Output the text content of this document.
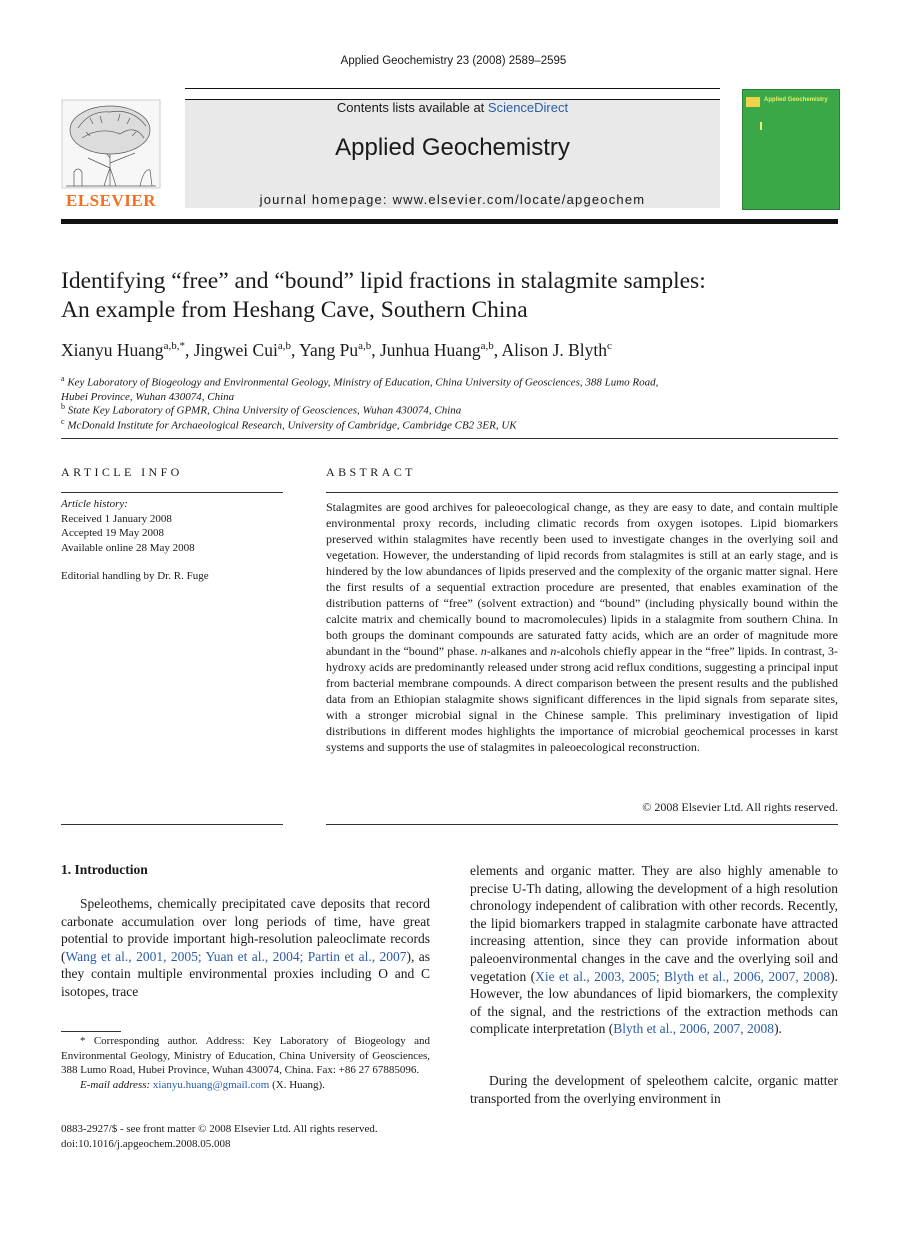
Applied Geochemistry 23 (2008) 2589–2595
ELSEVIER
Contents lists available at ScienceDirect
Applied Geochemistry
journal homepage: www.elsevier.com/locate/apgeochem
Applied Geochemistry
Identifying “free” and “bound” lipid fractions in stalagmite samples:
An example from Heshang Cave, Southern China
Xianyu Huang$^{a,b,*}$, Jingwei Cui$^{a,b}$, Yang Pu$^{a,b}$, Junhua Huang$^{a,b}$, Alison J. Blyth$^c$
$^a$ Key Laboratory of Biogeology and Environmental Geology, Ministry of Education, China University of Geosciences, 388 Lumo Road,
Hubei Province, Wuhan 430074, China
$^b$ State Key Laboratory of GPMR, China University of Geosciences, Wuhan 430074, China
$^c$ McDonald Institute for Archaeological Research, University of Cambridge, Cambridge CB2 3ER, UK
ARTICLE INFO	ABSTRACT
Article history:
Received 1 January 2008
Accepted 19 May 2008
Available online 28 May 2008
Editorial handling by Dr. R. Fuge
Stalagmites are good archives for paleoecological change, as they are easy to date, and contain multiple environmental proxy records, including climatic records from oxygen isotopes. Lipid biomarkers preserved within stalagmites have recently been used to investigate changes in the overlying soil and vegetation. However, the understanding of lipid records from stalagmites is still at an early stage, and is hindered by the low abundances of lipids preserved and the complexity of the organic matter signal. Here the first results of a sequential extraction procedure are presented, that enables examination of the distribution patterns of “free” (solvent extraction) and “bound” (including physically bound within the calcite matrix and chemically bound to macromolecules) lipids in a stalagmite from southern China. In both groups the dominant compounds are saturated fatty acids, which are an order of magnitude more abundant in the “bound” phase. n-alkanes and n-alcohols chiefly appear in the “free” lipids. In contrast, 3-hydroxy acids are predominantly released under strong acid reflux conditions, suggesting a principal input from bacterial membrane compounds. A direct comparison between the present results and the published data from an Ethiopian stalagmite shows significant differences in the lipid signals from separate sites, with a stronger microbial signal in the Chinese sample. This preliminary investigation of lipid distributions in different modes highlights the importance of microbial geochemical processes in karst systems and supports the use of stalagmites in paleoecological reconstruction.
© 2008 Elsevier Ltd. All rights reserved.
1. Introduction
Speleothems, chemically precipitated cave deposits that record carbonate accumulation over long periods of time, have great potential to provide important high-resolution paleoclimate records (Wang et al., 2001, 2005; Yuan et al., 2004; Partin et al., 2007), as they contain multiple environmental proxies including O and C isotopes, trace
elements and organic matter. They are also highly amenable to precise U-Th dating, allowing the development of a high resolution chronology independent of calibration with other records. Recently, the lipid biomarkers trapped in stalagmite carbonate have attracted increasing attention, since they can provide information about paleoenvironmental changes in the cave and the overlying soil and vegetation (Xie et al., 2003, 2005; Blyth et al., 2006, 2007, 2008). However, the low abundances of lipid biomarkers, the complexity of the signal, and the restrictions of the extraction methods can complicate interpretation (Blyth et al., 2006, 2007, 2008).
During the development of speleothem calcite, organic matter transported from the overlying environment in
* Corresponding author. Address: Key Laboratory of Biogeology and Environmental Geology, Ministry of Education, China University of Geosciences, 388 Lumo Road, Hubei Province, Wuhan 430074, China. Fax: +86 27 67885096.
E-mail address: xianyu.huang@gmail.com (X. Huang).
0883-2927/$ - see front matter © 2008 Elsevier Ltd. All rights reserved.
doi:10.1016/j.apgeochem.2008.05.008
